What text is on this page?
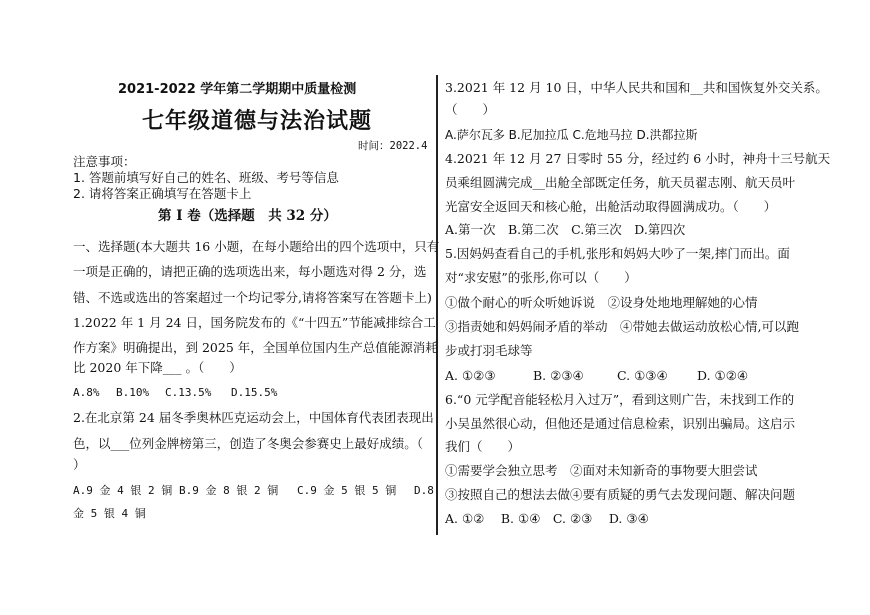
2021-2022 学年第二学期期中质量检测
七年级道德与法治试题
时间：2022.4
注意事项：
1. 答题前填写好自己的姓名、班级、考号等信息
2. 请将答案正确填写在答题卡上
第 I 卷（选择题　共 32 分）
一、选择题(本大题共 16 小题，在每小题给出的四个选项中，只有
一项是正确的，请把正确的选项选出来，每小题选对得 2 分，选
错、不选或选出的答案超过一个均记零分,请将答案写在答题卡上)
1.2022 年 1 月 24 日，国务院发布的《“十四五”节能减排综合工
作方案》明确提出，到 2025 年，全国单位国内生产总值能源消耗
比 2020 年下降___ 。（　　）
A.8% B.10% C.13.5% D.15.5%
2.在北京第 24 届冬季奥林匹克运动会上，中国体育代表团表现出
色，以___位列金牌榜第三，创造了冬奥会参赛史上最好成绩。（
）
A.9 金 4 银 2 铜 B.9 金 8 银 2 铜 C.9 金 5 银 5 铜 D.8
金 5 银 4 铜
3.2021 年 12 月 10 日，中华人民共和国和__共和国恢复外交关系。
（　　）
A.萨尔瓦多 B.尼加拉瓜 C.危地马拉 D.洪都拉斯
4.2021 年 12 月 27 日零时 55 分，经过约 6 小时，神舟十三号航天
员乘组圆满完成__出舱全部既定任务，航天员翟志刚、航天员叶
光富安全返回天和核心舱，出舱活动取得圆满成功。（　　）
A.第一次　B.第二次　C.第三次　D.第四次
5.因妈妈查看自己的手机,张彤和妈妈大吵了一架,摔门而出。面
对“求安慰”的张彤,你可以（　　）
①做个耐心的听众听她诉说　②设身处地地理解她的心情
③指责她和妈妈闹矛盾的举动　④带她去做运动放松心情,可以跑
步或打羽毛球等
A. ①②③	B. ②③④	C. ①③④ D. ①②④
6.“0 元学配音能轻松月入过万”，看到这则广告，未找到工作的
小吴虽然很心动，但他还是通过信息检索，识别出骗局。这启示
我们（　　）
①需要学会独立思考　②面对未知新奇的事物要大胆尝试
③按照自己的想法去做④要有质疑的勇气去发现问题、解决问题
A. ①②　 B. ①④　C. ②③　 D. ③④
